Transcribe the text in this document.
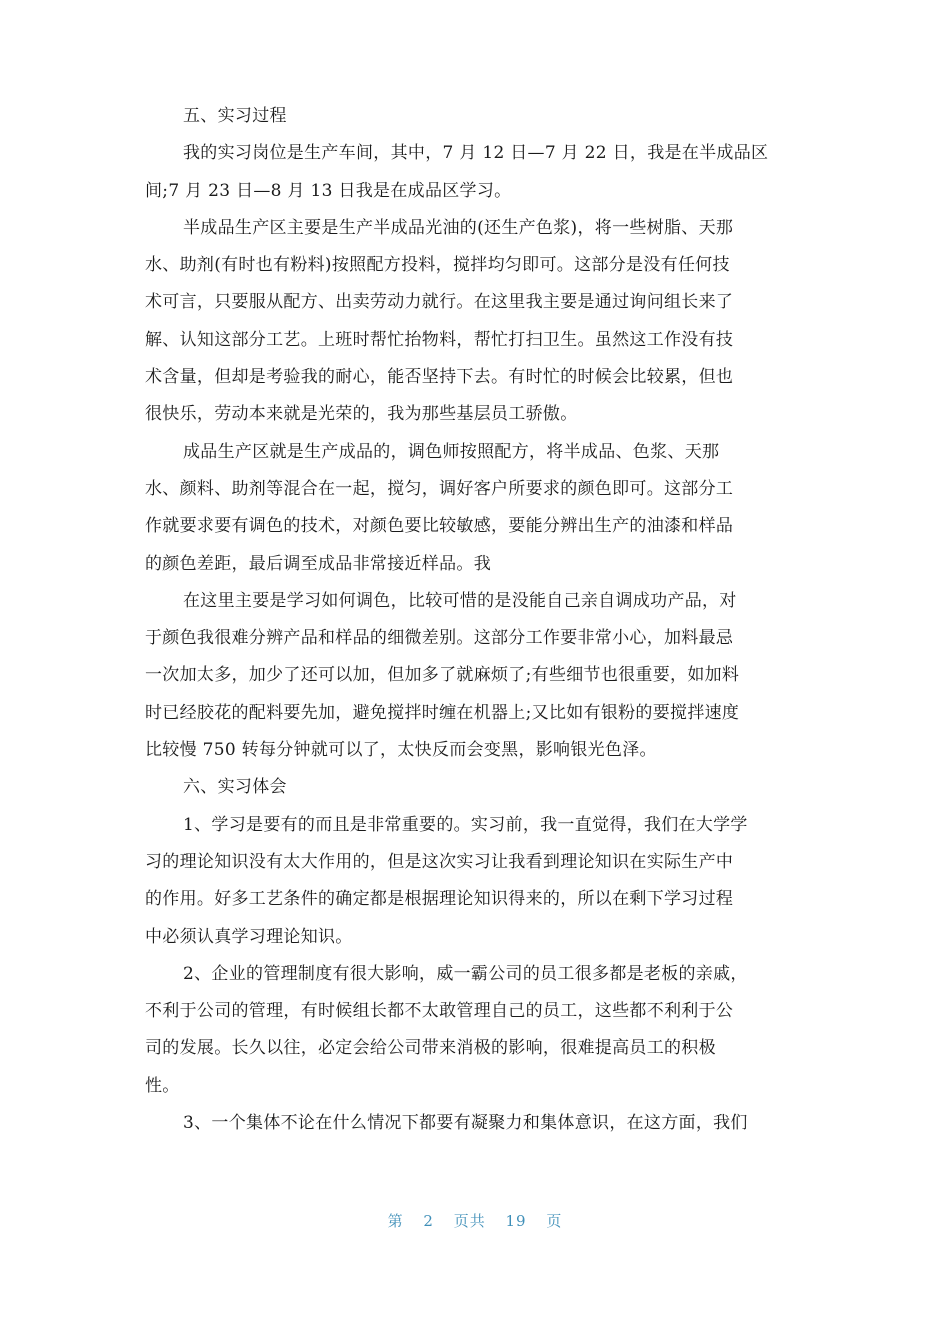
五、实习过程
我的实习岗位是生产车间，其中，7 月 12 日—7 月 22 日，我是在半成品区
间;7 月 23 日—8 月 13 日我是在成品区学习。
半成品生产区主要是生产半成品光油的(还生产色浆)，将一些树脂、天那
水、助剂(有时也有粉料)按照配方投料，搅拌均匀即可。这部分是没有任何技
术可言，只要服从配方、出卖劳动力就行。在这里我主要是通过询问组长来了
解、认知这部分工艺。上班时帮忙抬物料，帮忙打扫卫生。虽然这工作没有技
术含量，但却是考验我的耐心，能否坚持下去。有时忙的时候会比较累，但也
很快乐，劳动本来就是光荣的，我为那些基层员工骄傲。
成品生产区就是生产成品的，调色师按照配方，将半成品、色浆、天那
水、颜料、助剂等混合在一起，搅匀，调好客户所要求的颜色即可。这部分工
作就要求要有调色的技术，对颜色要比较敏感，要能分辨出生产的油漆和样品
的颜色差距，最后调至成品非常接近样品。我
在这里主要是学习如何调色，比较可惜的是没能自己亲自调成功产品，对
于颜色我很难分辨产品和样品的细微差别。这部分工作要非常小心，加料最忌
一次加太多，加少了还可以加，但加多了就麻烦了;有些细节也很重要，如加料
时已经胶花的配料要先加，避免搅拌时缠在机器上;又比如有银粉的要搅拌速度
比较慢 750 转每分钟就可以了，太快反而会变黑，影响银光色泽。
六、实习体会
1、学习是要有的而且是非常重要的。实习前，我一直觉得，我们在大学学
习的理论知识没有太大作用的，但是这次实习让我看到理论知识在实际生产中
的作用。好多工艺条件的确定都是根据理论知识得来的，所以在剩下学习过程
中必须认真学习理论知识。
2、企业的管理制度有很大影响，威一霸公司的员工很多都是老板的亲戚，
不利于公司的管理，有时候组长都不太敢管理自己的员工，这些都不利利于公
司的发展。长久以往，必定会给公司带来消极的影响，很难提高员工的积极
性。
3、一个集体不论在什么情况下都要有凝聚力和集体意识，在这方面，我们
第 2 页共 19 页
